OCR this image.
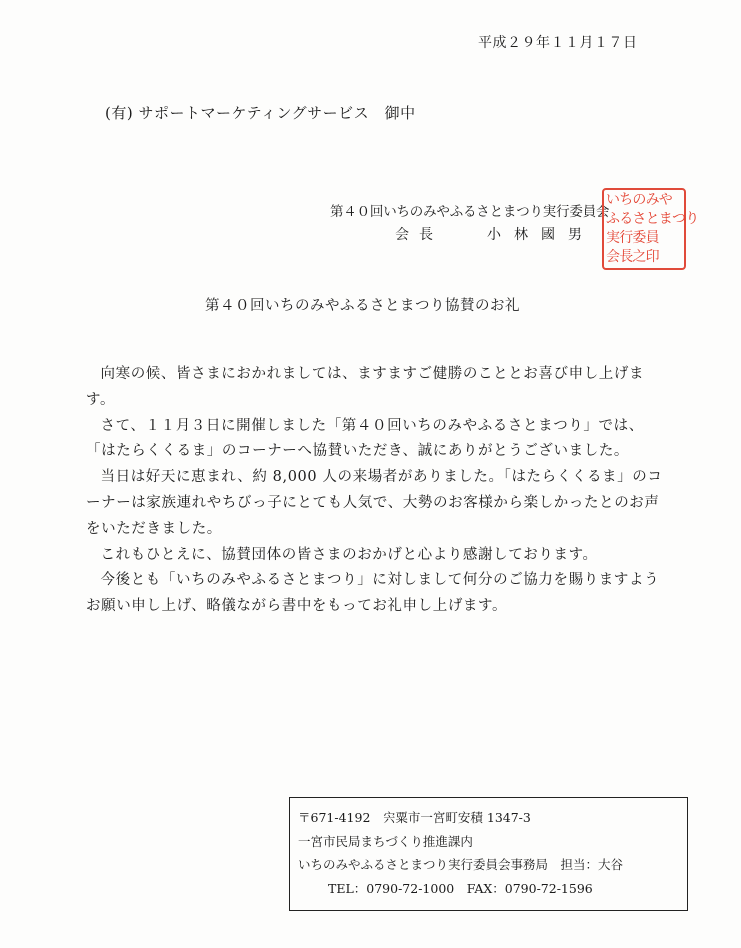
平成２９年１１月１７日
(有) サポートマーケティングサービス　御中
第４０回いちのみやふるさとまつり実行委員会
会長	小林國男
いちのみや
ふるさとまつり
実行委員
会長之印
第４０回いちのみやふるさとまつり協賛のお礼

向寒の候、皆さまにおかれましては、ますますご健勝のこととお喜び申し上げます。

さて、１１月３日に開催しました「第４０回いちのみやふるさとまつり」では、「はたらくくるま」のコーナーへ協賛いただき、誠にありがとうございました。

当日は好天に恵まれ、約 8,000 人の来場者がありました。「はたらくくるま」のコーナーは家族連れやちびっ子にとても人気で、大勢のお客様から楽しかったとのお声をいただきました。

これもひとえに、協賛団体の皆さまのおかげと心より感謝しております。

今後とも「いちのみやふるさとまつり」に対しまして何分のご協力を賜りますようお願い申し上げ、略儀ながら書中をもってお礼申し上げます。

〒671-4192　宍粟市一宮町安積 1347-3
一宮市民局まちづくり推進課内
いちのみやふるさとまつり実行委員会事務局　担当：大谷
TEL：0790-72-1000　FAX：0790-72-1596
